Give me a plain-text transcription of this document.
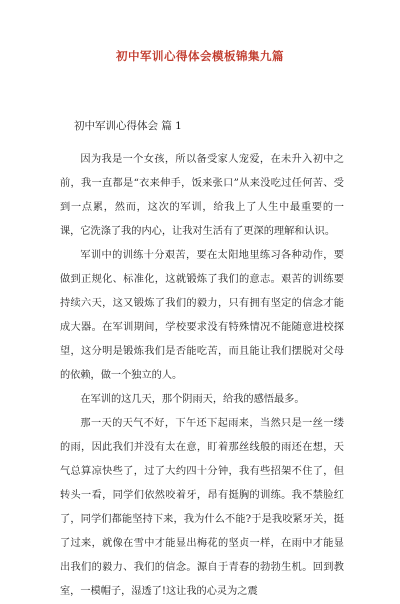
初中军训心得体会模板锦集九篇
初中军训心得体会 篇 1

因为我是一个女孩，所以备受家人宠爱，在未升入初中之前，我一直都是“衣来伸手，饭来张口”从来没吃过任何苦、受到一点累，然而，这次的军训，给我上了人生中最重要的一课，它洗涤了我的内心，让我对生活有了更深的理解和认识。

军训中的训练十分艰苦，要在太阳地里练习各种动作，要做到正规化、标准化，这就锻炼了我们的意志。艰苦的训练要持续六天，这又锻炼了我们的毅力，只有拥有坚定的信念才能成大器。在军训期间，学校要求没有特殊情况不能随意进校探望，这分明是锻炼我们是否能吃苦，而且能让我们摆脱对父母的依赖，做一个独立的人。

在军训的这几天，那个阴雨天，给我的感悟最多。

那一天的天气不好，下午还下起雨来，当然只是一丝一缕的雨，因此我们并没有太在意，盯着那丝线般的雨还在想，天气总算凉快些了，过了大约四十分钟，我有些招架不住了，但转头一看，同学们依然咬着牙，昂有挺胸的训练。我不禁脸红了，同学们都能坚持下来，我为什么不能?于是我咬紧牙关，挺了过来，就像在雪中才能显出梅花的坚贞一样，在雨中才能显出我们的毅力、我们的信念。源自于青春的勃勃生机。回到教室，一模帽子，湿透了!这让我的心灵为之震
